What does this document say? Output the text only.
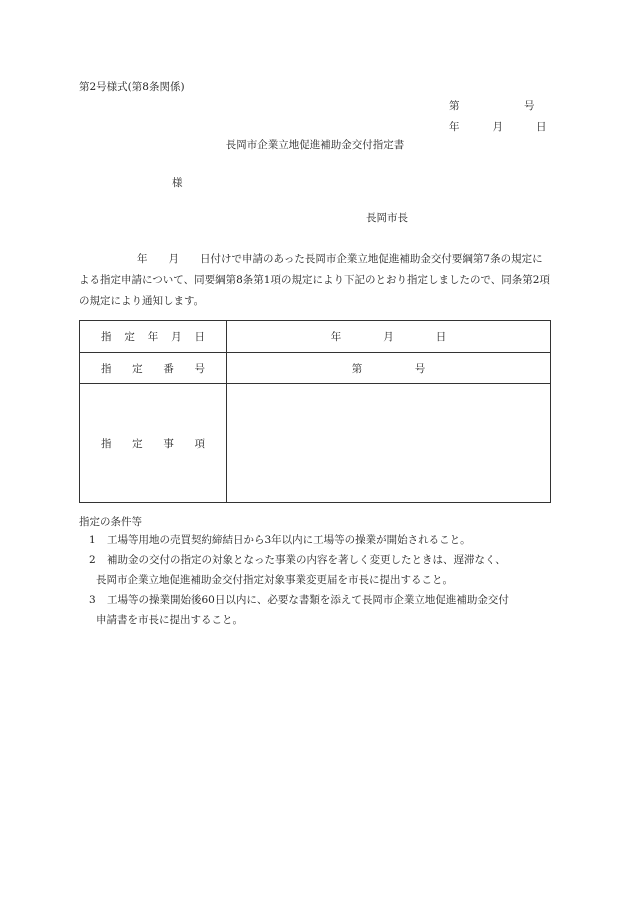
第2号様式(第8条関係)
第　　　　　号
年　　月　　日
長岡市企業立地促進補助金交付指定書
様
長岡市長
年　　月　　日付けで申請のあった長岡市企業立地促進補助金交付要綱第7条の規定による指定申請について、同要綱第8条第1項の規定により下記のとおり指定しましたので、同条第2項の規定により通知します。
指定年月日	年　　　　月　　　　日
指定番号	第　　　　　号
指定事項	
指定の条件等
1 工場等用地の売買契約締結日から3年以内に工場等の操業が開始されること。
2 補助金の交付の指定の対象となった事業の内容を著しく変更したときは、遅滞なく、
長岡市企業立地促進補助金交付指定対象事業変更届を市長に提出すること。
3 工場等の操業開始後60日以内に、必要な書類を添えて長岡市企業立地促進補助金交付
申請書を市長に提出すること。
